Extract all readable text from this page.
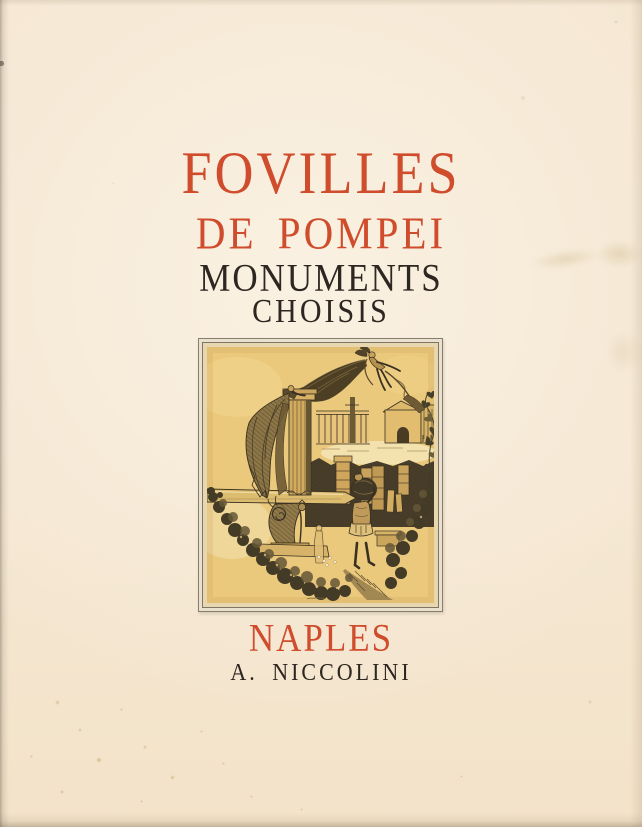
FOVILLES
DE POMPEI
MONUMENTS
CHOISIS
NAPLES
A. NICCOLINI
